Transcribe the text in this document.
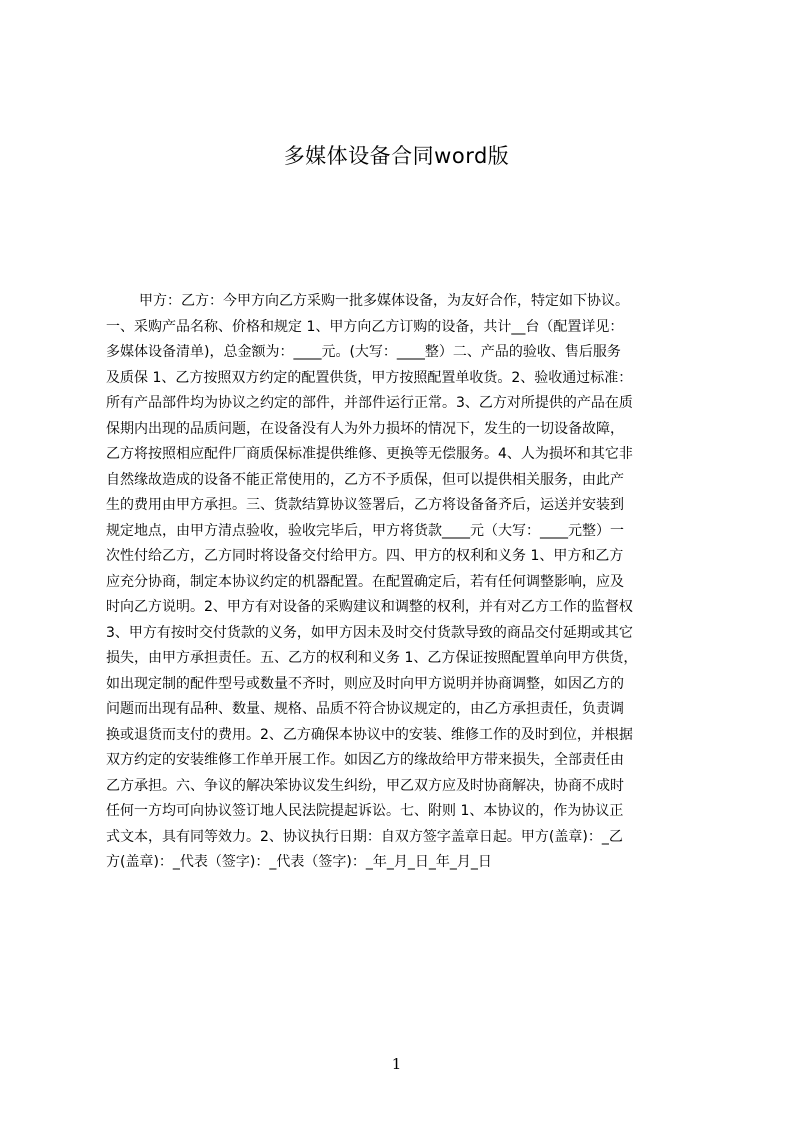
多媒体设备合同word版
甲方：乙方：今甲方向乙方采购一批多媒体设备，为友好合作，特定如下协议。
一、采购产品名称、价格和规定 1、甲方向乙方订购的设备，共计__台（配置详见：
多媒体设备清单)，总金额为：____元。(大写：____整）二、产品的验收、售后服务
及质保 1、乙方按照双方约定的配置供货，甲方按照配置单收货。2、验收通过标准：
所有产品部件均为协议之约定的部件，并部件运行正常。3、乙方对所提供的产品在质
保期内出现的品质问题，在设备没有人为外力损坏的情况下，发生的一切设备故障，
乙方将按照相应配件厂商质保标准提供维修、更换等无偿服务。4、人为损坏和其它非
自然缘故造成的设备不能正常使用的，乙方不予质保，但可以提供相关服务，由此产
生的费用由甲方承担。三、货款结算协议签署后，乙方将设备备齐后，运送并安装到
规定地点，由甲方清点验收，验收完毕后，甲方将货款____元（大写：____元整）一
次性付给乙方，乙方同时将设备交付给甲方。四、甲方的权利和义务 1、甲方和乙方
应充分协商，制定本协议约定的机器配置。在配置确定后，若有任何调整影响，应及
时向乙方说明。2、甲方有对设备的采购建议和调整的权利，并有对乙方工作的监督权
3、甲方有按时交付货款的义务，如甲方因未及时交付货款导致的商品交付延期或其它
损失，由甲方承担责任。五、乙方的权利和义务 1、乙方保证按照配置单向甲方供货，
如出现定制的配件型号或数量不齐时，则应及时向甲方说明并协商调整，如因乙方的
问题而出现有品种、数量、规格、品质不符合协议规定的，由乙方承担责任，负责调
换或退货而支付的费用。2、乙方确保本协议中的安装、维修工作的及时到位，并根据
双方约定的安装维修工作单开展工作。如因乙方的缘故给甲方带来损失，全部责任由
乙方承担。六、争议的解决笨协议发生纠纷，甲乙双方应及时协商解决，协商不成时
任何一方均可向协议签订地人民法院提起诉讼。七、附则 1、本协议的，作为协议正
式文本，具有同等效力。2、协议执行日期：自双方签字盖章日起。甲方(盖章)：_乙
方(盖章)：_代表（签字)：_代表（签字)：_年_月_日_年_月_日
1
